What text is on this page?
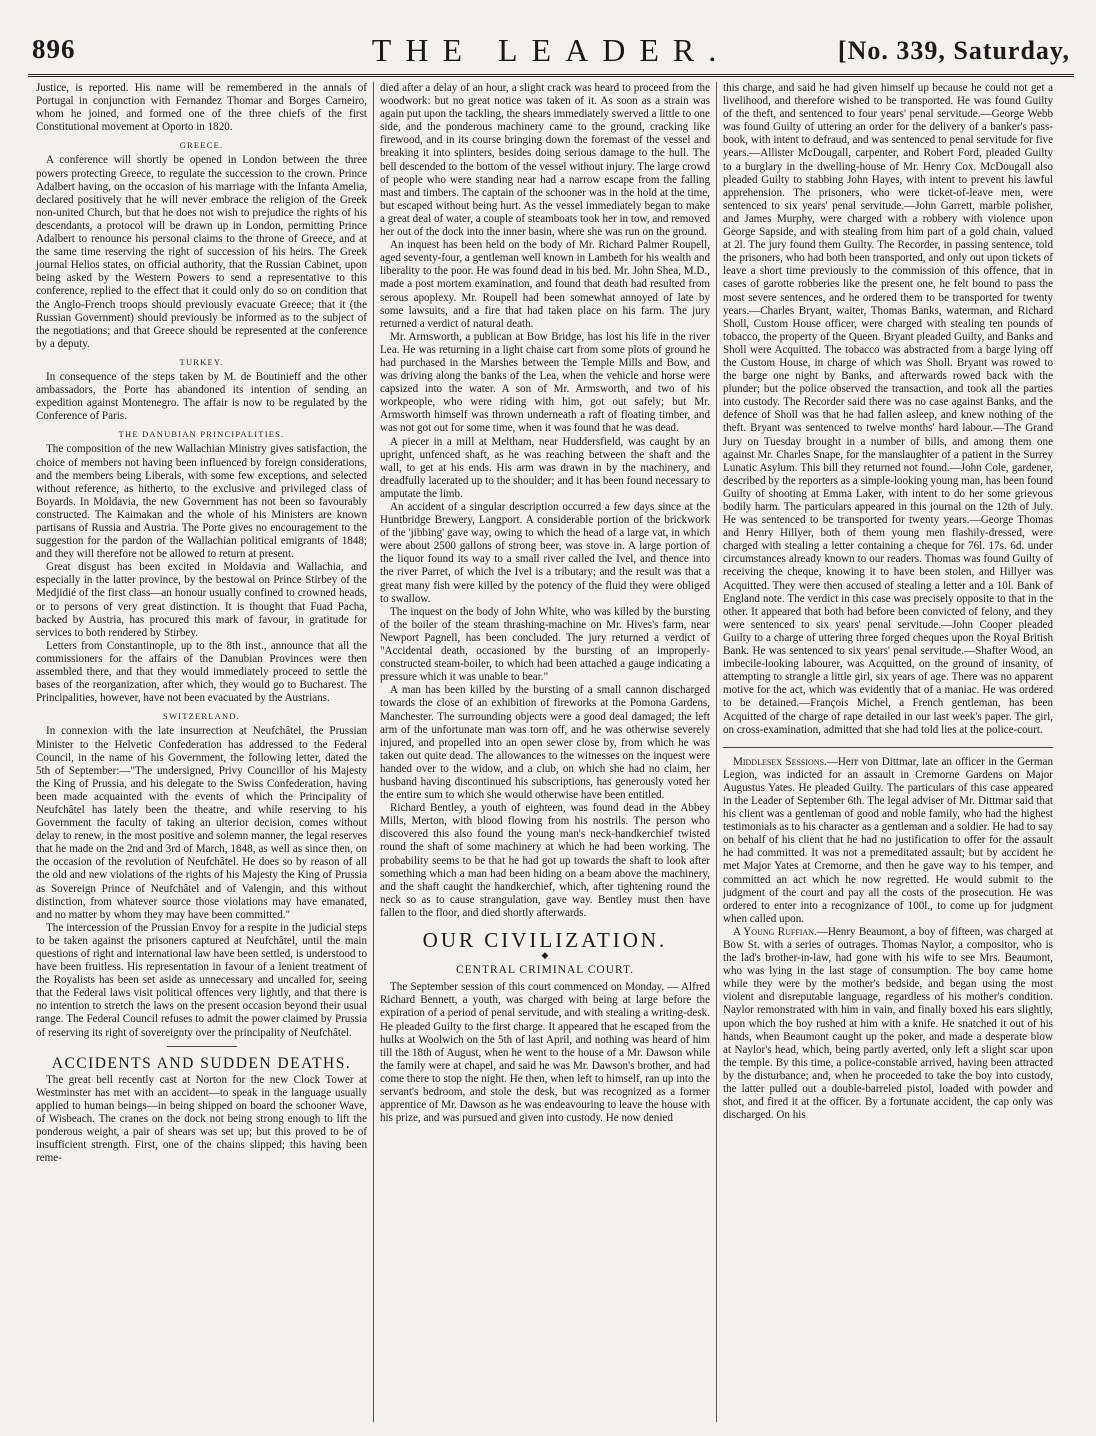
896	THE LEADER.	[No. 339, Saturday,

Justice, is reported. His name will be remembered in the annals of Portugal in conjunction with Fernandez Thomar and Borges Carneiro, whom he joined, and formed one of the three chiefs of the first Constitutional movement at Oporto in 1820.

GREECE.

A conference will shortly be opened in London between the three powers protecting Greece, to regulate the succession to the crown. Prince Adalbert having, on the occasion of his marriage with the Infanta Amelia, declared positively that he will never embrace the religion of the Greek non-united Church, but that he does not wish to prejudice the rights of his descendants, a protocol will be drawn up in London, permitting Prince Adalbert to renounce his personal claims to the throne of Greece, and at the same time reserving the right of succession of his heirs. The Greek journal Helios states, on official authority, that the Russian Cabinet, upon being asked by the Western Powers to send a representative to this conference, replied to the effect that it could only do so on condition that the Anglo-French troops should previously evacuate Greece; that it (the Russian Government) should previously be informed as to the subject of the negotiations; and that Greece should be represented at the conference by a deputy.

TURKEY.

In consequence of the steps taken by M. de Boutinieff and the other ambassadors, the Porte has abandoned its intention of sending an expedition against Montenegro. The affair is now to be regulated by the Conference of Paris.

THE DANUBIAN PRINCIPALITIES.

The composition of the new Wallachian Ministry gives satisfaction, the choice of members not having been influenced by foreign considerations, and the members being Liberals, with some few exceptions, and selected without reference, as hitherto, to the exclusive and privileged class of Boyards. In Moldavia, the new Government has not been so favourably constructed. The Kaimakan and the whole of his Ministers are known partisans of Russia and Austria. The Porte gives no encouragement to the suggestion for the pardon of the Wallachian political emigrants of 1848; and they will therefore not be allowed to return at present.

Great disgust has been excited in Moldavia and Wallachia, and especially in the latter province, by the bestowal on Prince Stirbey of the Medjidié of the first class—an honour usually confined to crowned heads, or to persons of very great distinction. It is thought that Fuad Pacha, backed by Austria, has procured this mark of favour, in gratitude for services to both rendered by Stirbey.

Letters from Constantinople, up to the 8th inst., announce that all the commissioners for the affairs of the Danubian Provinces were then assembled there, and that they would immediately proceed to settle the bases of the reorganization, after which, they would go to Bucharest. The Principalities, however, have not been evacuated by the Austrians.

SWITZERLAND.

In connexion with the late insurrection at Neufchâtel, the Prussian Minister to the Helvetic Confederation has addressed to the Federal Council, in the name of his Government, the following letter, dated the 5th of September:—"The undersigned, Privy Councillor of his Majesty the King of Prussia, and his delegate to the Swiss Confederation, having been made acquainted with the events of which the Principality of Neufchâtel has lately been the theatre, and while reserving to his Government the faculty of taking an ulterior decision, comes without delay to renew, in the most positive and solemn manner, the legal reserves that he made on the 2nd and 3rd of March, 1848, as well as since then, on the occasion of the revolution of Neufchâtel. He does so by reason of all the old and new violations of the rights of his Majesty the King of Prussia as Sovereign Prince of Neufchâtel and of Valengin, and this without distinction, from whatever source those violations may have emanated, and no matter by whom they may have been committed."

The intercession of the Prussian Envoy for a respite in the judicial steps to be taken against the prisoners captured at Neufchâtel, until the main questions of right and international law have been settled, is understood to have been fruitless. His representation in favour of a lenient treatment of the Royalists has been set aside as unnecessary and uncalled for, seeing that the Federal laws visit political offences very lightly, and that there is no intention to stretch the laws on the present occasion beyond their usual range. The Federal Council refuses to admit the power claimed by Prussia of reserving its right of sovereignty over the principality of Neufchâtel.

ACCIDENTS AND SUDDEN DEATHS.

The great bell recently cast at Norton for the new Clock Tower at Westminster has met with an accident—to speak in the language usually applied to human beings—in being shipped on board the schooner Wave, of Wisbeach. The cranes on the dock not being strong enough to lift the ponderous weight, a pair of shears was set up; but this proved to be of insufficient strength. First, one of the chains slipped; this having been reme-

died after a delay of an hour, a slight crack was heard to proceed from the woodwork: but no great notice was taken of it. As soon as a strain was again put upon the tackling, the shears immediately swerved a little to one side, and the ponderous machinery came to the ground, cracking like firewood, and in its course bringing down the foremast of the vessel and breaking it into splinters, besides doing serious damage to the hull. The bell descended to the bottom of the vessel without injury. The large crowd of people who were standing near had a narrow escape from the falling mast and timbers. The captain of the schooner was in the hold at the time, but escaped without being hurt. As the vessel immediately began to make a great deal of water, a couple of steamboats took her in tow, and removed her out of the dock into the inner basin, where she was run on the ground.

An inquest has been held on the body of Mr. Richard Palmer Roupell, aged seventy-four, a gentleman well known in Lambeth for his wealth and liberality to the poor. He was found dead in his bed. Mr. John Shea, M.D., made a post mortem examination, and found that death had resulted from serous apoplexy. Mr. Roupell had been somewhat annoyed of late by some lawsuits, and a fire that had taken place on his farm. The jury returned a verdict of natural death.

Mr. Armsworth, a publican at Bow Bridge, has lost his life in the river Lea. He was returning in a light chaise cart from some plots of ground he had purchased in the Marshes between the Temple Mills and Bow, and was driving along the banks of the Lea, when the vehicle and horse were capsized into the water. A son of Mr. Armsworth, and two of his workpeople, who were riding with him, got out safely; but Mr. Armsworth himself was thrown underneath a raft of floating timber, and was not got out for some time, when it was found that he was dead.

A piecer in a mill at Meltham, near Huddersfield, was caught by an upright, unfenced shaft, as he was reaching between the shaft and the wall, to get at his ends. His arm was drawn in by the machinery, and dreadfully lacerated up to the shoulder; and it has been found necessary to amputate the limb.

An accident of a singular description occurred a few days since at the Huntbridge Brewery, Langport. A considerable portion of the brickwork of the 'jibbing' gave way, owing to which the head of a large vat, in which were about 2500 gallons of strong beer, was stove in. A large portion of the liquor found its way to a small river called the Ivel, and thence into the river Parret, of which the Ivel is a tributary; and the result was that a great many fish were killed by the potency of the fluid they were obliged to swallow.

The inquest on the body of John White, who was killed by the bursting of the boiler of the steam thrashing-machine on Mr. Hives's farm, near Newport Pagnell, has been concluded. The jury returned a verdict of "Accidental death, occasioned by the bursting of an improperly-constructed steam-boiler, to which had been attached a gauge indicating a pressure which it was unable to bear."

A man has been killed by the bursting of a small cannon discharged towards the close of an exhibition of fireworks at the Pomona Gardens, Manchester. The surrounding objects were a good deal damaged; the left arm of the unfortunate man was torn off, and he was otherwise severely injured, and propelled into an open sewer close by, from which he was taken out quite dead. The allowances to the witnesses on the inquest were handed over to the widow, and a club, on which she had no claim, her husband having discontinued his subscriptions, has generously voted her the entire sum to which she would otherwise have been entitled.

Richard Bentley, a youth of eighteen, was found dead in the Abbey Mills, Merton, with blood flowing from his nostrils. The person who discovered this also found the young man's neck-handkerchief twisted round the shaft of some machinery at which he had been working. The probability seems to be that he had got up towards the shaft to look after something which a man had been hiding on a beam above the machinery, and the shaft caught the handkerchief, which, after tightening round the neck so as to cause strangulation, gave way. Bentley must then have fallen to the floor, and died shortly afterwards.

OUR CIVILIZATION.
◆
CENTRAL CRIMINAL COURT.

The September session of this court commenced on Monday. — Alfred Richard Bennett, a youth, was charged with being at large before the expiration of a period of penal servitude, and with stealing a writing-desk. He pleaded Guilty to the first charge. It appeared that he escaped from the hulks at Woolwich on the 5th of last April, and nothing was heard of him till the 18th of August, when he went to the house of a Mr. Dawson while the family were at chapel, and said he was Mr. Dawson's brother, and had come there to stop the night. He then, when left to himself, ran up into the servant's bedroom, and stole the desk, but was recognized as a former apprentice of Mr. Dawson as he was endeavouring to leave the house with his prize, and was pursued and given into custody. He now denied

this charge, and said he had given himself up because he could not get a livelihood, and therefore wished to be transported. He was found Guilty of the theft, and sentenced to four years' penal servitude.—George Webb was found Guilty of uttering an order for the delivery of a banker's pass-book, with intent to defraud, and was sentenced to penal servitude for five years.—Allister McDougall, carpenter, and Robert Ford, pleaded Guilty to a burglary in the dwelling-house of Mr. Henry Cox. McDougall also pleaded Guilty to stabbing John Hayes, with intent to prevent his lawful apprehension. The prisoners, who were ticket-of-leave men, were sentenced to six years' penal servitude.—John Garrett, marble polisher, and James Murphy, were charged with a robbery with violence upon George Sapside, and with stealing from him part of a gold chain, valued at 2l. The jury found them Guilty. The Recorder, in passing sentence, told the prisoners, who had both been transported, and only out upon tickets of leave a short time previously to the commission of this offence, that in cases of garotte robberies like the present one, he felt bound to pass the most severe sentences, and he ordered them to be transported for twenty years.—Charles Bryant, waiter, Thomas Banks, waterman, and Richard Sholl, Custom House officer, were charged with stealing ten pounds of tobacco, the property of the Queen. Bryant pleaded Guilty, and Banks and Sholl were Acquitted. The tobacco was abstracted from a barge lying off the Custom House, in charge of which was Sholl. Bryant was rowed to the barge one night by Banks, and afterwards rowed back with the plunder; but the police observed the transaction, and took all the parties into custody. The Recorder said there was no case against Banks, and the defence of Sholl was that he had fallen asleep, and knew nothing of the theft. Bryant was sentenced to twelve months' hard labour.—The Grand Jury on Tuesday brought in a number of bills, and among them one against Mr. Charles Snape, for the manslaughter of a patient in the Surrey Lunatic Asylum. This bill they returned not found.—John Cole, gardener, described by the reporters as a simple-looking young man, has been found Guilty of shooting at Emma Laker, with intent to do her some grievous bodily harm. The particulars appeared in this journal on the 12th of July. He was sentenced to be transported for twenty years.—George Thomas and Henry Hillyer, both of them young men flashily-dressed, were charged with stealing a letter containing a cheque for 76l. 17s. 6d. under circumstances already known to our readers. Thomas was found Guilty of receiving the cheque, knowing it to have been stolen, and Hillyer was Acquitted. They were then accused of stealing a letter and a 10l. Bank of England note. The verdict in this case was precisely opposite to that in the other. It appeared that both had before been convicted of felony, and they were sentenced to six years' penal servitude.—John Cooper pleaded Guilty to a charge of uttering three forged cheques upon the Royal British Bank. He was sentenced to six years' penal servitude.—Shafter Wood, an imbecile-looking labourer, was Acquitted, on the ground of insanity, of attempting to strangle a little girl, six years of age. There was no apparent motive for the act, which was evidently that of a maniac. He was ordered to be detained.—François Michel, a French gentleman, has been Acquitted of the charge of rape detailed in our last week's paper. The girl, on cross-examination, admitted that she had told lies at the police-court.

Middlesex Sessions.—Herr von Dittmar, late an officer in the German Legion, was indicted for an assault in Cremorne Gardens on Major Augustus Yates. He pleaded Guilty. The particulars of this case appeared in the Leader of September 6th. The legal adviser of Mr. Dittmar said that his client was a gentleman of good and noble family, who had the highest testimonials as to his character as a gentleman and a soldier. He had to say on behalf of his client that he had no justification to offer for the assault he had committed. It was not a premeditated assault; but by accident he met Major Yates at Cremorne, and then he gave way to his temper, and committed an act which he now regretted. He would submit to the judgment of the court and pay all the costs of the prosecution. He was ordered to enter into a recognizance of 100l., to come up for judgment when called upon.

A Young Ruffian.—Henry Beaumont, a boy of fifteen, was charged at Bow St. with a series of outrages. Thomas Naylor, a compositor, who is the lad's brother-in-law, had gone with his wife to see Mrs. Beaumont, who was lying in the last stage of consumption. The boy came home while they were by the mother's bedside, and began using the most violent and disreputable language, regardless of his mother's condition. Naylor remonstrated with him in vain, and finally boxed his ears slightly, upon which the boy rushed at him with a knife. He snatched it out of his hands, when Beaumont caught up the poker, and made a desperate blow at Naylor's head, which, being partly averted, only left a slight scar upon the temple. By this time, a police-constable arrived, having been attracted by the disturbance; and, when he proceeded to take the boy into custody, the latter pulled out a double-barreled pistol, loaded with powder and shot, and fired it at the officer. By a fortunate accident, the cap only was discharged. On his
